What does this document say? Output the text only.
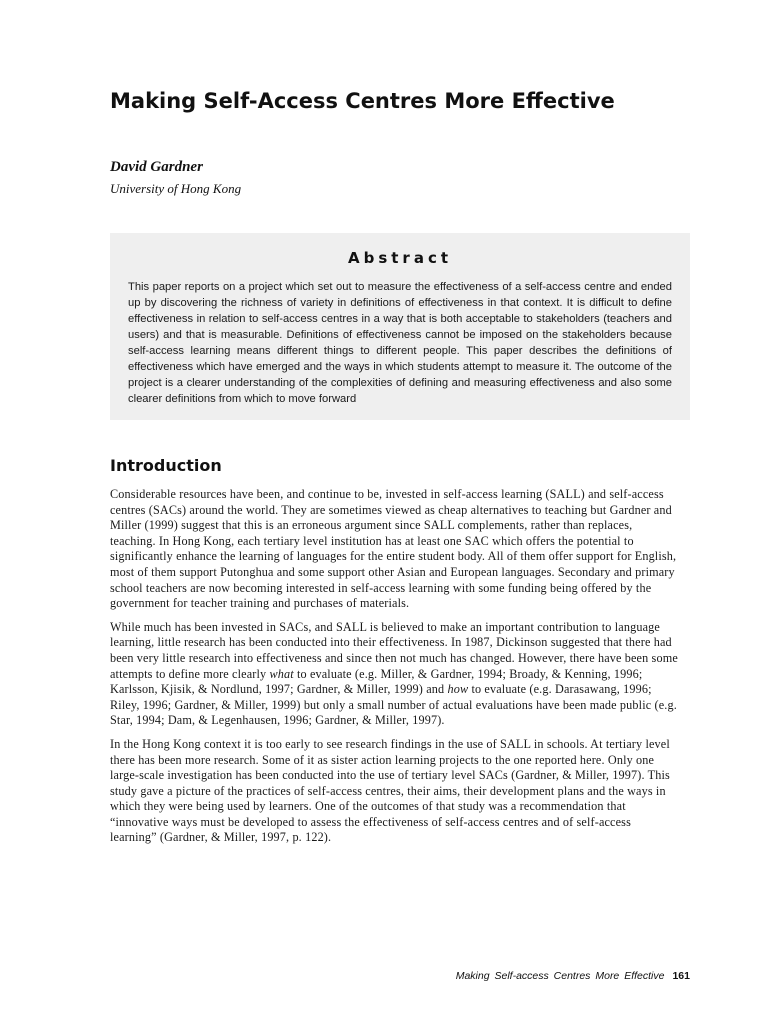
Making Self-Access Centres More Effective

David Gardner

University of Hong Kong

Abstract

This paper reports on a project which set out to measure the effectiveness of a self-access centre and ended up by discovering the richness of variety in definitions of effectiveness in that context. It is difficult to define effectiveness in relation to self-access centres in a way that is both acceptable to stakeholders (teachers and users) and that is measurable. Definitions of effectiveness cannot be imposed on the stakeholders because self-access learning means different things to different people. This paper describes the definitions of effectiveness which have emerged and the ways in which students attempt to measure it. The outcome of the project is a clearer understanding of the complexities of defining and measuring effectiveness and also some clearer definitions from which to move forward

Introduction

Considerable resources have been, and continue to be, invested in self-access learning (SALL) and self-access centres (SACs) around the world. They are sometimes viewed as cheap alternatives to teaching but Gardner and Miller (1999) suggest that this is an erroneous argument since SALL complements, rather than replaces, teaching. In Hong Kong, each tertiary level institution has at least one SAC which offers the potential to significantly enhance the learning of languages for the entire student body. All of them offer support for English, most of them support Putonghua and some support other Asian and European languages. Secondary and primary school teachers are now becoming interested in self-access learning with some funding being offered by the government for teacher training and purchases of materials.

While much has been invested in SACs, and SALL is believed to make an important contribution to language learning, little research has been conducted into their effectiveness. In 1987, Dickinson suggested that there had been very little research into effectiveness and since then not much has changed. However, there have been some attempts to define more clearly what to evaluate (e.g. Miller, & Gardner, 1994; Broady, & Kenning, 1996; Karlsson, Kjisik, & Nordlund, 1997; Gardner, & Miller, 1999) and how to evaluate (e.g. Darasawang, 1996; Riley, 1996; Gardner, & Miller, 1999) but only a small number of actual evaluations have been made public (e.g. Star, 1994; Dam, & Legenhausen, 1996; Gardner, & Miller, 1997).

In the Hong Kong context it is too early to see research findings in the use of SALL in schools. At tertiary level there has been more research. Some of it as sister action learning projects to the one reported here. Only one large-scale investigation has been conducted into the use of tertiary level SACs (Gardner, & Miller, 1997). This study gave a picture of the practices of self-access centres, their aims, their development plans and the ways in which they were being used by learners. One of the outcomes of that study was a recommendation that “innovative ways must be developed to assess the effectiveness of self-access centres and of self-access learning” (Gardner, & Miller, 1997, p. 122).

Making Self-access Centres More Effective 161
